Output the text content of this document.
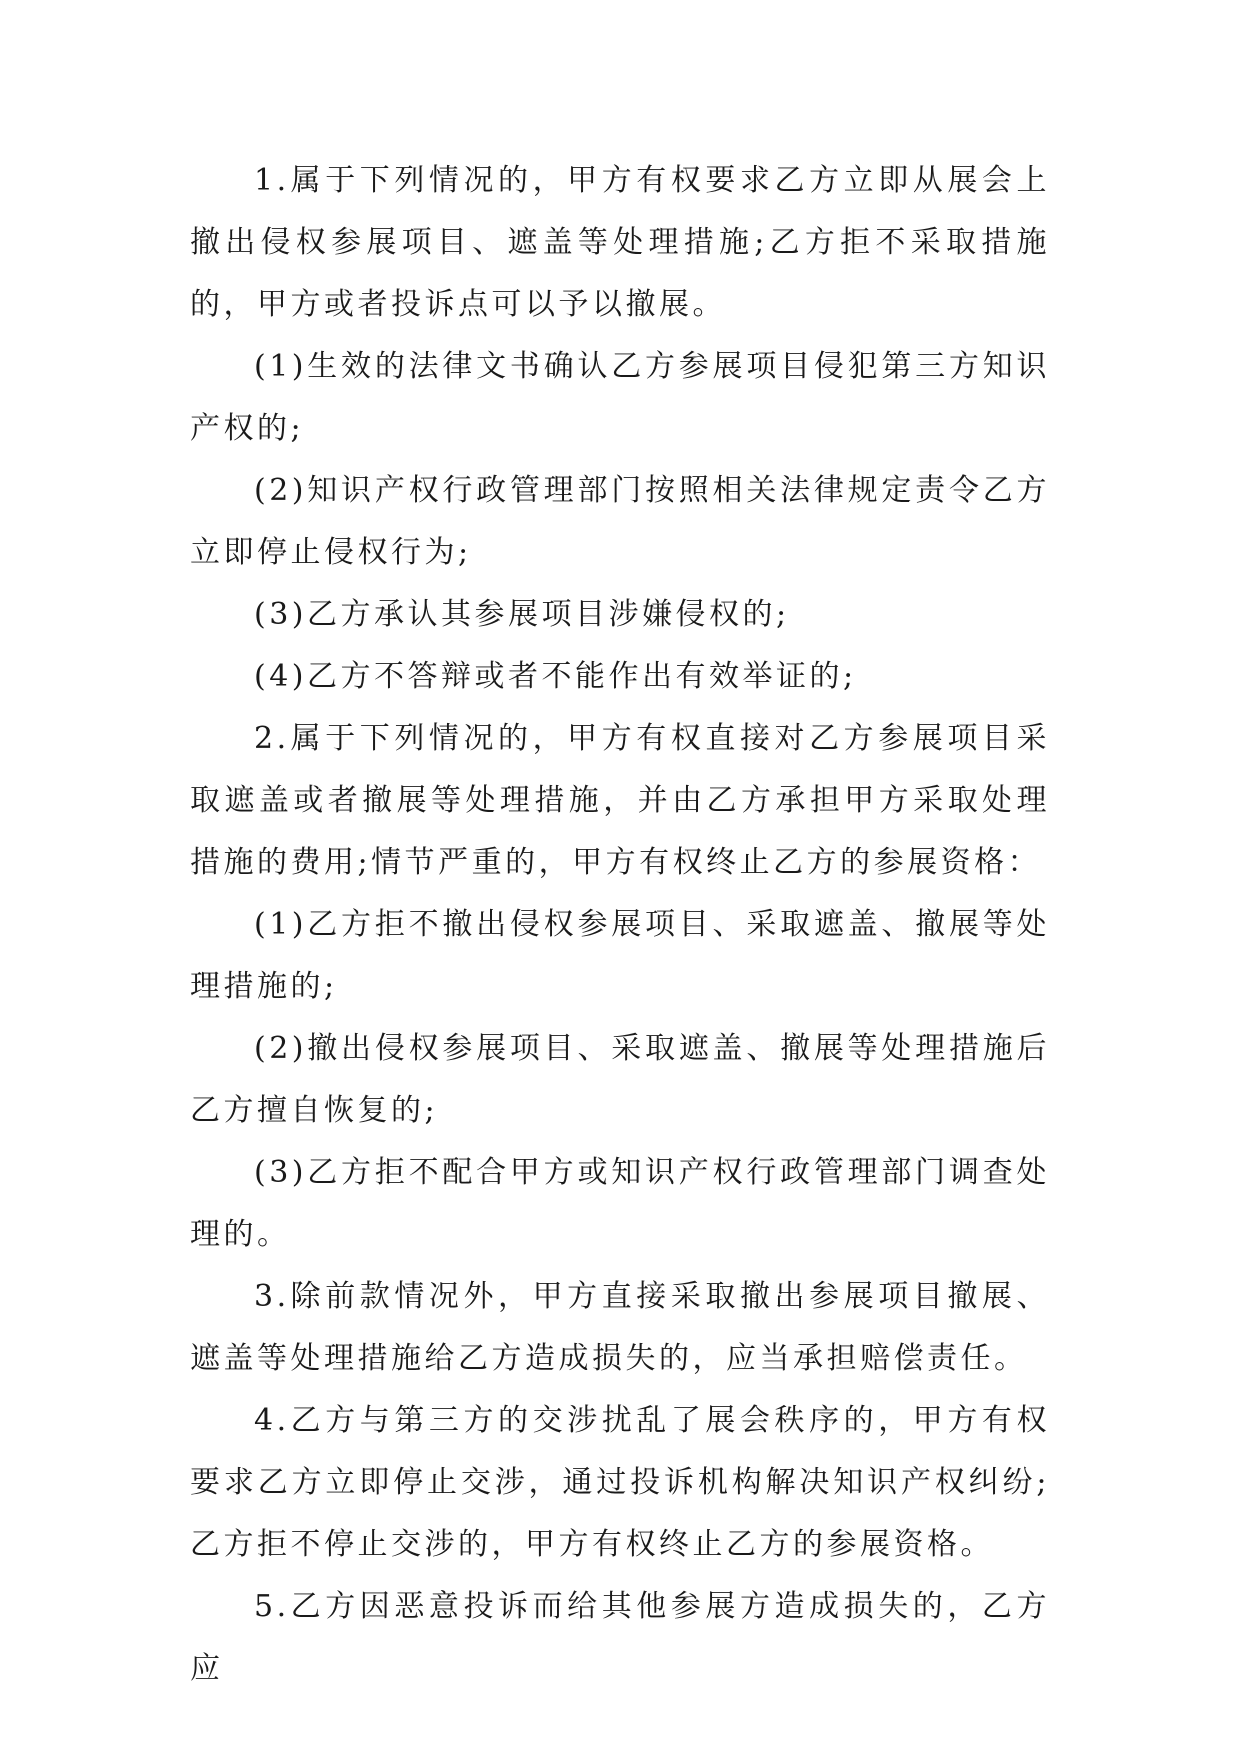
1.属于下列情况的，甲方有权要求乙方立即从展会上撤出侵权参展项目、遮盖等处理措施;乙方拒不采取措施的，甲方或者投诉点可以予以撤展。

(1)生效的法律文书确认乙方参展项目侵犯第三方知识产权的;

(2)知识产权行政管理部门按照相关法律规定责令乙方立即停止侵权行为;

(3)乙方承认其参展项目涉嫌侵权的;

(4)乙方不答辩或者不能作出有效举证的;

2.属于下列情况的，甲方有权直接对乙方参展项目采取遮盖或者撤展等处理措施，并由乙方承担甲方采取处理措施的费用;情节严重的，甲方有权终止乙方的参展资格：

(1)乙方拒不撤出侵权参展项目、采取遮盖、撤展等处理措施的;

(2)撤出侵权参展项目、采取遮盖、撤展等处理措施后乙方擅自恢复的;

(3)乙方拒不配合甲方或知识产权行政管理部门调查处理的。

3.除前款情况外，甲方直接采取撤出参展项目撤展、遮盖等处理措施给乙方造成损失的，应当承担赔偿责任。

4.乙方与第三方的交涉扰乱了展会秩序的，甲方有权要求乙方立即停止交涉，通过投诉机构解决知识产权纠纷;乙方拒不停止交涉的，甲方有权终止乙方的参展资格。

5.乙方因恶意投诉而给其他参展方造成损失的，乙方应
